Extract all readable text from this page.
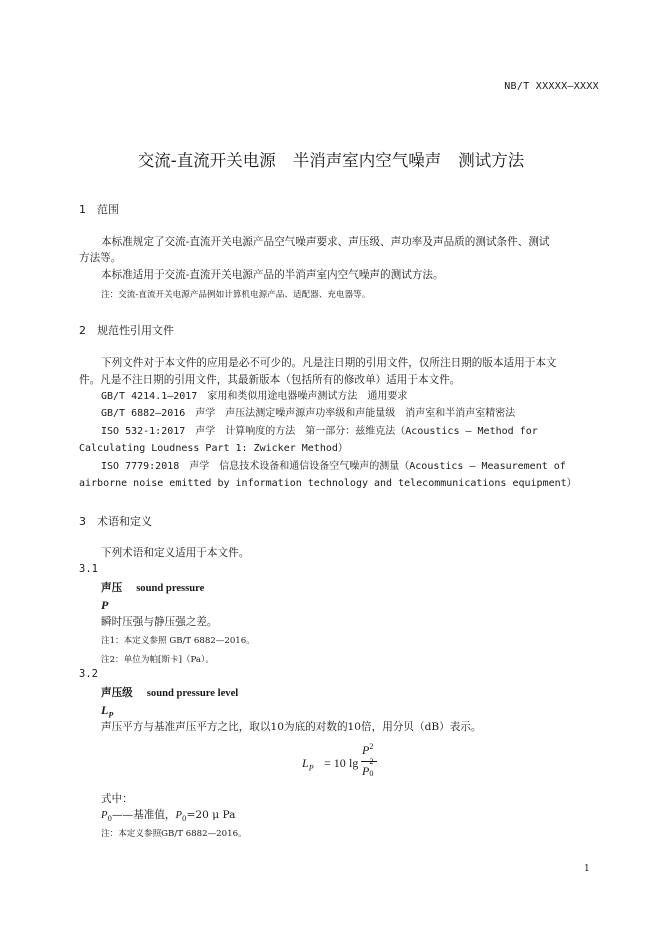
NB/T XXXXX—XXXX
交流-直流开关电源 半消声室内空气噪声 测试方法
1 范围
本标准规定了交流-直流开关电源产品空气噪声要求、声压级、声功率及声品质的测试条件、测试
方法等。
本标准适用于交流-直流开关电源产品的半消声室内空气噪声的测试方法。
注：交流-直流开关电源产品例如计算机电源产品、适配器、充电器等。
2 规范性引用文件
下列文件对于本文件的应用是必不可少的。凡是注日期的引用文件，仅所注日期的版本适用于本文
件。凡是不注日期的引用文件，其最新版本（包括所有的修改单）适用于本文件。
GB/T 4214.1—2017　家用和类似用途电器噪声测试方法　通用要求
GB/T 6882—2016　声学　声压法测定噪声源声功率级和声能量级　消声室和半消声室精密法
ISO 532-1:2017　声学　计算响度的方法　第一部分：兹维克法（Acoustics – Method for
Calculating Loudness Part 1: Zwicker Method）
ISO 7779:2018　声学　信息技术设备和通信设备空气噪声的测量（Acoustics — Measurement of
airborne noise emitted by information technology and telecommunications equipment）
3 术语和定义
下列术语和定义适用于本文件。
3.1
声压 sound pressure
P
瞬时压强与静压强之差。
注1：本定义参照 GB/T 6882—2016。
注2：单位为帕[斯卡]（Pa）。
3.2
声压级 sound pressure level
$L_P$
声压平方与基准声压平方之比，取以10为底的对数的10倍，用分贝（dB）表示。
$L_P = 10$ lg
$P^2$
P
2
0
式中：
$P_0——$基准值，$P_0=20$ μ Pa
注：本定义参照GB/T 6882—2016。
1
